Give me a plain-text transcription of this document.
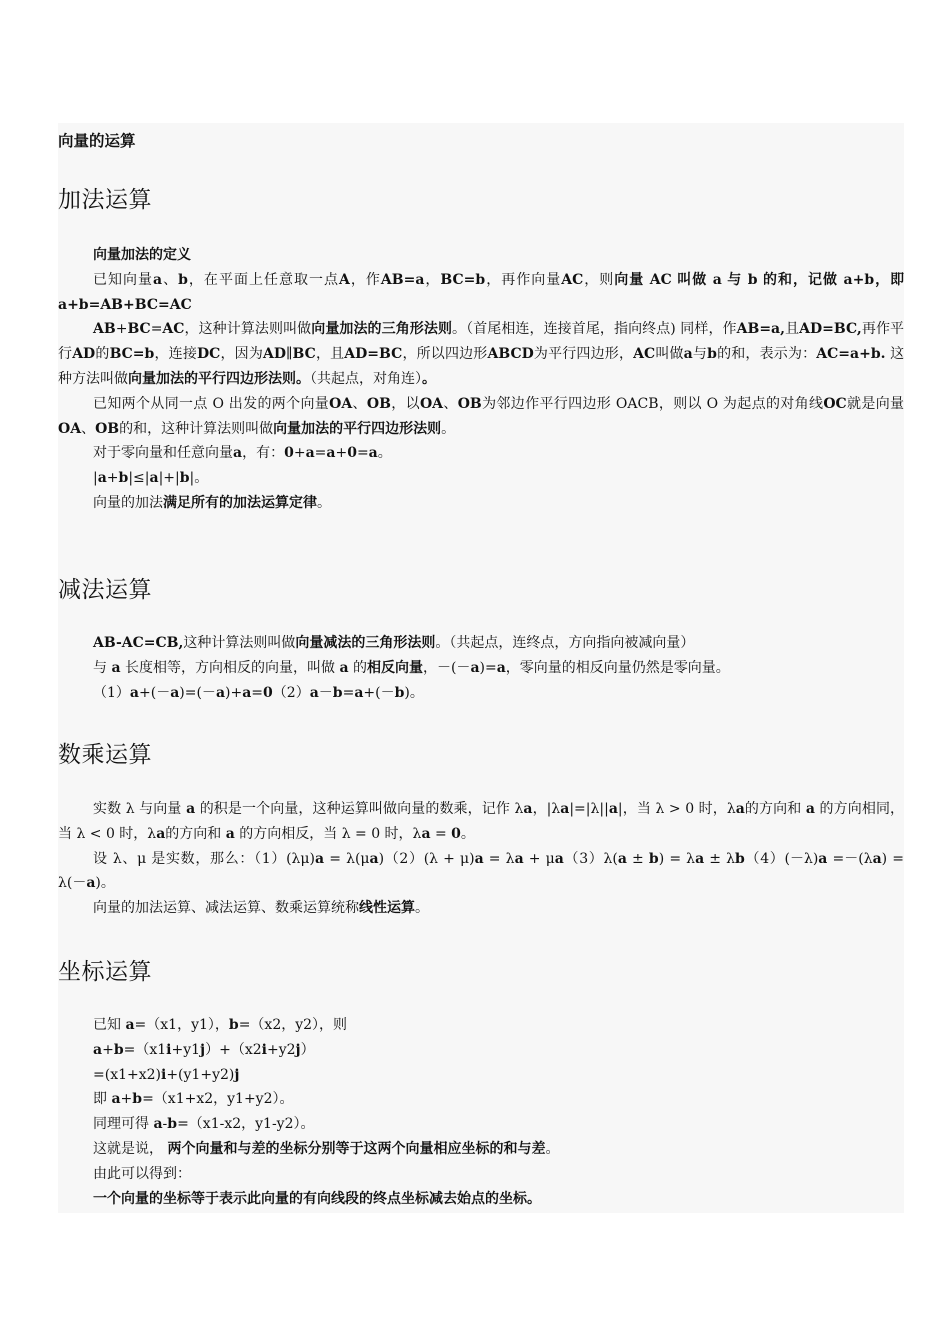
向量的运算
加法运算

向量加法的定义

已知向量a、b，在平面上任意取一点A，作AB=a，BC=b，再作向量AC，则向量 AC 叫做 a 与 b 的和，记做 a+b，即 a+b=AB+BC=AC

AB+BC=AC，这种计算法则叫做向量加法的三角形法则。（首尾相连，连接首尾，指向终点) 同样，作AB=a,且AD=BC,再作平行AD的BC=b，连接DC，因为AD∥BC，且AD=BC，所以四边形ABCD为平行四边形，AC叫做a与b的和，表示为：AC=a+b. 这种方法叫做向量加法的平行四边形法则。（共起点，对角连）。

已知两个从同一点 O 出发的两个向量OA、OB，以OA、OB为邻边作平行四边形 OACB，则以 O 为起点的对角线OC就是向量OA、OB的和，这种计算法则叫做向量加法的平行四边形法则。

对于零向量和任意向量a，有：0+a=a+0=a。

|a+b|≤|a|+|b|。

向量的加法满足所有的加法运算定律。

减法运算

AB-AC=CB,这种计算法则叫做向量减法的三角形法则。（共起点，连终点，方向指向被减向量）

与 a 长度相等，方向相反的向量，叫做 a 的相反向量，－(－a)=a，零向量的相反向量仍然是零向量。

（1）a+(－a)=(－a)+a=0（2）a－b=a+(－b)。

数乘运算

实数 λ 与向量 a 的积是一个向量，这种运算叫做向量的数乘，记作 λa，|λa|=|λ||a|，当 λ > 0 时，λa的方向和 a 的方向相同，当 λ < 0 时，λa的方向和 a 的方向相反，当 λ = 0 时，λa = 0。

设 λ、μ 是实数，那么：（1）(λμ)a = λ(μa)（2）(λ + μ)a = λa + μa（3）λ(a ± b) = λa ± λb（4）(－λ)a =－(λa) = λ(－a)。

向量的加法运算、减法运算、数乘运算统称线性运算。

坐标运算

已知 a=（x1，y1），b=（x2，y2），则

a+b=（x1i+y1j）+（x2i+y2j）

=(x1+x2)i+(y1+y2)j

即 a+b=（x1+x2，y1+y2）。

同理可得 a-b=（x1-x2，y1-y2）。

这就是说， 两个向量和与差的坐标分别等于这两个向量相应坐标的和与差。

由此可以得到：

一个向量的坐标等于表示此向量的有向线段的终点坐标减去始点的坐标。
